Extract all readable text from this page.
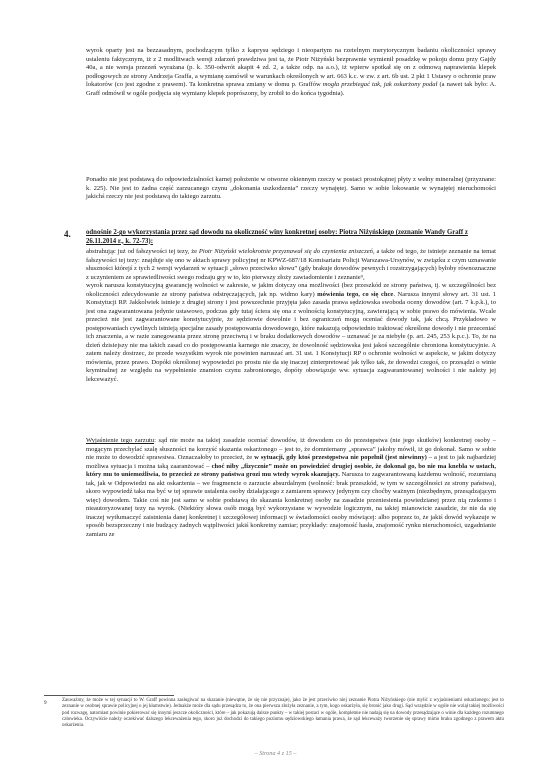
wyrok oparty jest na bezzasadnym, pochodzącym tylko z kaprysu sędziego i nieopartym na rzetelnym merytorycznym badaniu okoliczności sprawy ustaleniu faktycznym, iż z 2 modlitwach wersji zdarzeń prawdziwa jest ta, że Piotr Niżyński bezprawnie wymienił posadzkę w pokoju domu przy Gajdy 40a, a nie wersja przezeń wyrażana (p. k. 350-odwrót akapit 4 zd. 2, a także odp. na a.o.), iż wpierw spotkał się on z odmową naprawienia klepek podłogowych ze strony Andrzeja Graffa, a wymianę zamówił w warunkach określonych w art. 663 k.c. w zw. z art. 6b ust. 2 pkt 1 Ustawy o ochronie praw lokatorów (co jest zgodne z prawem). Ta konkretna sprawa zmiany w domu p. Graffów mogła przebiegać tak, jak oskarżony podał (a nawet tak było: A. Graff odmówił w ogóle podjęcia się wymiany klepek poprószony, by zrobił to do końca tygodnia).
Ponadto nie jest podstawą do odpowiedzialności karnej położenie w otworze okiennym rzeczy w postaci prostokątnej płyty z wełny mineralnej (przyznane: k. 225). Nie jest to żadna część zarzucanego czynu „dokonania uszkodzenia” rzeczy wynajętej. Samo w sobie lokowanie w wynajętej nieruchomości jakichś rzeczy nie jest podstawą do takiego zarzutu.
4. odnośnie 2-go wykorzystania przez sąd dowodu na okoliczność winy konkretnej osoby: Piotra Niżyńskiego (zeznanie Wandy Graff z 26.11.2014 r., k. 72-73):
abstrahując już od fałszywości tej tezy, że Piotr Niżyński wielokrotnie przyznawał się do czynienia zniszczeń, a także od tego, że istnieje zeznanie na temat fałszywości tej tezy: znajduje się ono w aktach sprawy policyjnej nr KPWZ-687/18 Komisariatu Policji Warszawa-Ursynów, w związku z czym uznawanie słuszności którejś z tych 2 wersji wydarzeń w sytuacji „słowo przeciwko słowu” (gdy brakuje dowodów pewnych i rozstrzygających) byłoby równoznaczne z uczynieniem ze sprawiedliwości swego rodzaju gry w to, kto pierwszy złoży zawiadomienie i zeznanie⁹,
wyrok narusza konstytucyjną gwarancję wolności w zakresie, w jakim dotyczy ona możliwości (bez przeszkód ze strony państwa, tj. w szczególności bez okoliczności zdecydowanie ze strony państwa odstręczających, jak np. widmo kary) mówienia tego, co się chce. Narusza innymi słowy art. 31 ust. 1 Konstytucji RP. Jakkolwiek istnieje z drugiej strony i jest powszechnie przyjęta jako zasada prawa sędziowska swoboda oceny dowodów (art. 7 k.p.k.), to jest ona zagwarantowana jedynie ustawowo, podczas gdy tutaj ściera się ona z wolnością konstytucyjną, zawierającą w sobie prawo do mówienia. Wcale przecież nie jest zagwarantowane konstytucyjnie, że sędziowie dowolnie i bez ograniczeń mogą oceniać dowody tak, jak chcą. Przykładowo w postępowaniach cywilnych istnieją specjalne zasady postępowania dowodowego, które nakazują odpowiednio traktować określone dowody i nie przeceniać ich znaczenia, a w razie zanegowania przez stronę przeciwną i w braku dodatkowych dowodów – uznawać je za niebyłe (p. art. 245, 253 k.p.c.). To, że na dzień dzisiejszy nie ma takich zasad co do postępowania karnego nie znaczy, że dowolność sędziowska jest jakoś szczególnie chroniona konstytucyjnie. A zatem należy dostrzec, że przede wszystkim wyrok nie powinien naruszać art. 31 ust. 1 Konstytucji RP o ochronie wolności w aspekcie, w jakim dotyczy mówienia, przez prawo. Dopóki określonej wypowiedzi po prostu nie da się inaczej zinterpretować jak tylko tak, że dowodzi czegoś, co przesądzi o winie kryminalnej ze względu na wypełnienie znamion czynu zabronionego, dopóty obowiązuje ww. sytuacja zagwarantowanej wolności i nie należy jej lekceważyć.
Wyjaśnienie tego zarzutu: sąd nie może na takiej zasadzie oceniać dowodów, iż dowodem co do przestępstwa (nie jego skutków) konkretnej osoby – mogącym przechylać szalę słuszności na korzyść skazania oskarżonego – jest to, że domniemany „sprawca” jakoby mówił, iż go dokonał. Samo w sobie nie może to dowodzić sprawstwa. Oznaczałoby to przecież, że w sytuacji, gdy ktoś przestępstwa nie popełnił (jest niewinny) – a jest to jak najbardziej możliwa sytuacja i można taką zaaranżować – choć niby „fizycznie” może on powiedzieć drugiej osobie, że dokonał go, bo nie ma knebla w ustach, który mu to uniemożliwia, to przecież ze strony państwa grozi mu wtedy wyrok skazujący. Narusza to zagwarantowaną każdemu wolność, rozumianą tak, jak w Odpowiedzi na akt oskarżenia – we fragmencie o zarzucie absurdalnym (wolność: brak przeszkód, w tym w szczególności ze strony państwa), skoro wypowiedź taka ma być w tej sprawie ustalenia osoby działającego z zamiarem sprawcy jedynym czy choćby ważnym (niezbędnym, przesądzającym więc) dowodem. Takie coś nie jest samo w sobie podstawą do skazania konkretnej osoby na zasadzie przeniesienia powiedzianej przez nią rzekomo i nieautoryzowanej tezy na wyrok. (Niektóry słowa osób mogą być wykorzystane w wywodzie logicznym, na takiej mianowicie zasadzie, że nie da się inaczej wytłumaczyć zaistnienia danej konkretnej i szczegółowej informacji w świadomości osoby mówiącej: albo poprzez to, że jakiś dowód wykazuje w sposób bezsprzeczny i nie budzący żadnych wątpliwości jakiś konkretny zamiar; przykłady: znajomość hasła, znajomość rynku nieruchomości, uzgadnianie zamiaru ze
9	Zauważmy, że może w tej sytuacji to W. Graff powinna zasługiwać na skazanie (niewątne, że się nie przyznaje), jako że jest przeciwko niej zeznanie Piotra Niżyńskiego (nie mylić z wyjaśnieniami oskarżonego; jest to zeznanie w osobnej sprawie policyjnej o jej kłamstwie). Jednakże może dla sądu przesądza to, że ona pierwsza złożyła zeznanie, a tym, kogo oskarżyła, się bronić jako drugi. Sąd wszędzie w ogóle nie wziął takiej możliwości pod rozwagę, natomiast powinie pokierować się innymi jeszcze okoliczności, które – jak pokazują dalsze punkty – w takiej postaci w ogóle, kompletnie nie nadają się na dowody przesądzające o winie dla każdego rozumnego człowieka. Oczywiście należy oczekiwać dalszego lekceważenia tego, skoro już dochodzi do takiego poziomu sędziowskiego łamania prawa, że sąd lekceważy tworzenie się sprawy mimo braku zgodnego z prawem aktu oskarżenia.
– Strona 4 z 15 –
